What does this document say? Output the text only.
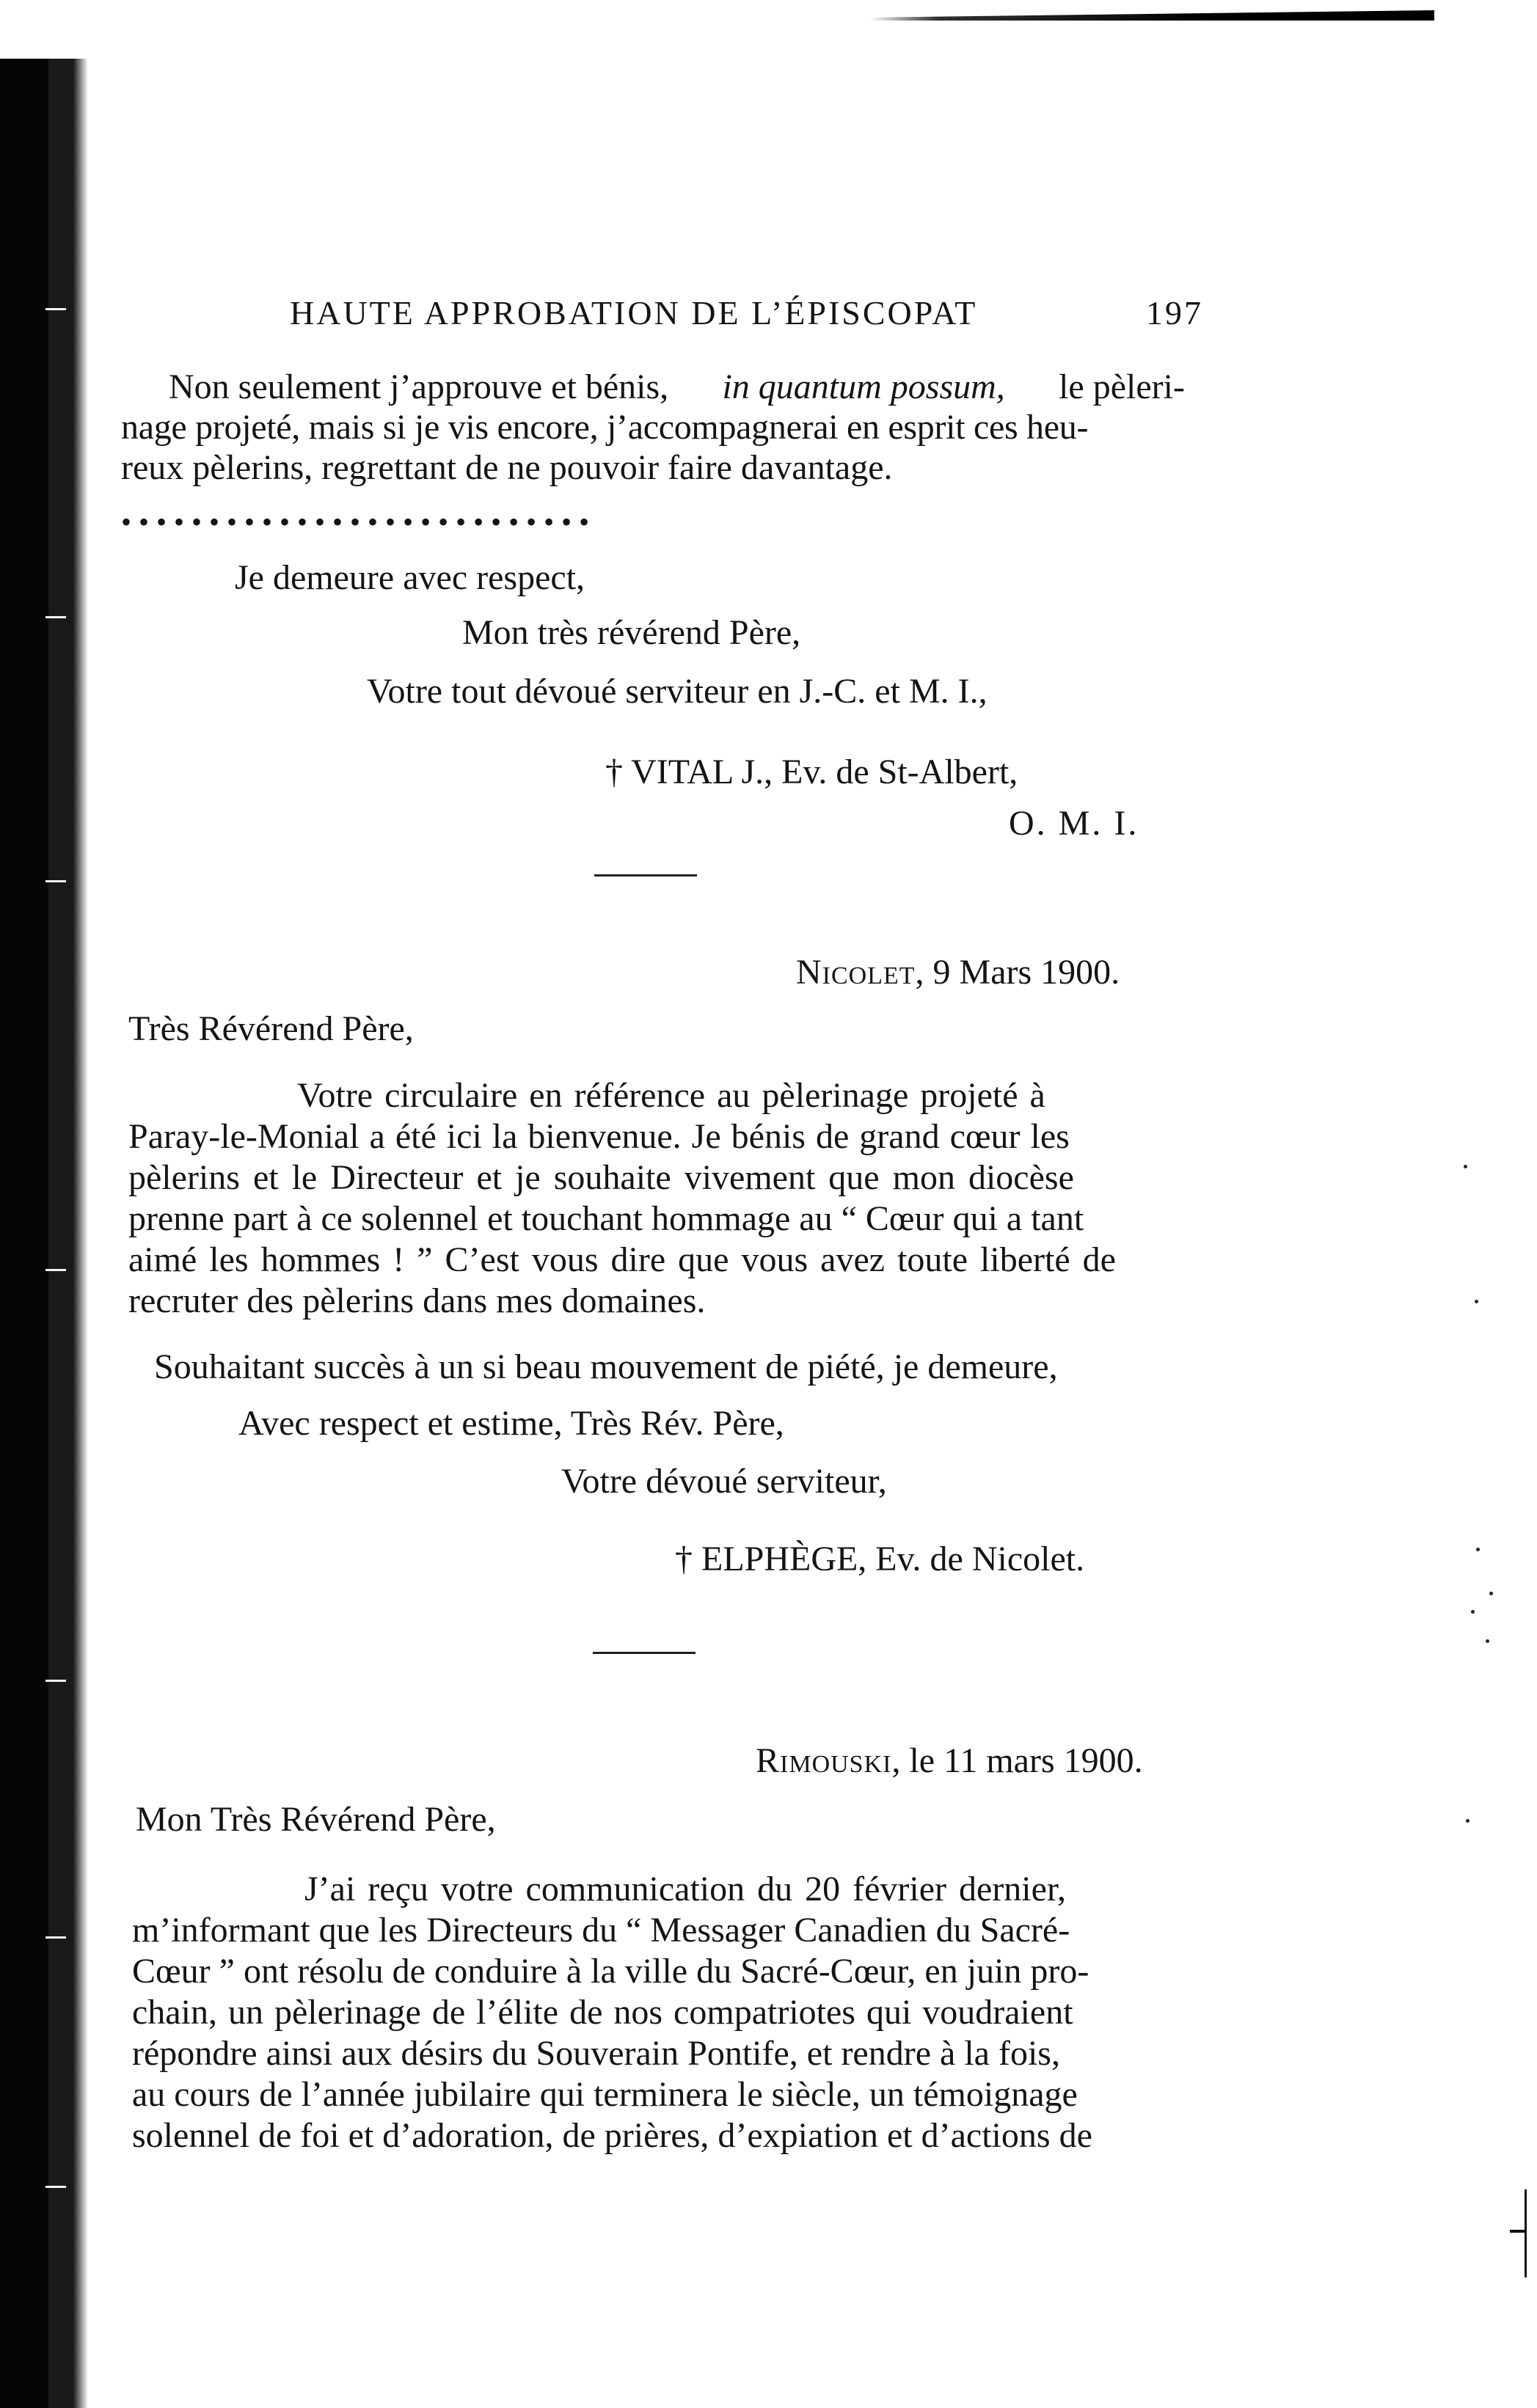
HAUTE APPROBATION DE L’ÉPISCOPAT	197
Non seulement j’approuve et bénis, in quantum possum, le pèleri-
nage projeté, mais si je vis encore, j’accompagnerai en esprit ces heu-
reux pèlerins, regrettant de ne pouvoir faire davantage.
• • • • • • • • • • • • • • • • • • • • • • • • • • •
Je demeure avec respect,
Mon très révérend Père,
Votre tout dévoué serviteur en J.-C. et M. I.,
† VITAL J., Ev. de St-Albert,
O. M. I.
Nicolet, 9 Mars 1900.
Très Révérend Père,
Votre circulaire en référence au pèlerinage projeté à
Paray-le-Monial a été ici la bienvenue. Je bénis de grand cœur les
pèlerins et le Directeur et je souhaite vivement que mon diocèse
prenne part à ce solennel et touchant hommage au “ Cœur qui a tant
aimé les hommes ! ” C’est vous dire que vous avez toute liberté de
recruter des pèlerins dans mes domaines.
Souhaitant succès à un si beau mouvement de piété, je demeure,
Avec respect et estime, Très Rév. Père,
Votre dévoué serviteur,
† ELPHÈGE, Ev. de Nicolet.
Rimouski, le 11 mars 1900.
Mon Très Révérend Père,
J’ai reçu votre communication du 20 février dernier,
m’informant que les Directeurs du “ Messager Canadien du Sacré-
Cœur ” ont résolu de conduire à la ville du Sacré-Cœur, en juin pro-
chain, un pèlerinage de l’élite de nos compatriotes qui voudraient
répondre ainsi aux désirs du Souverain Pontife, et rendre à la fois,
au cours de l’année jubilaire qui terminera le siècle, un témoignage
solennel de foi et d’adoration, de prières, d’expiation et d’actions de
